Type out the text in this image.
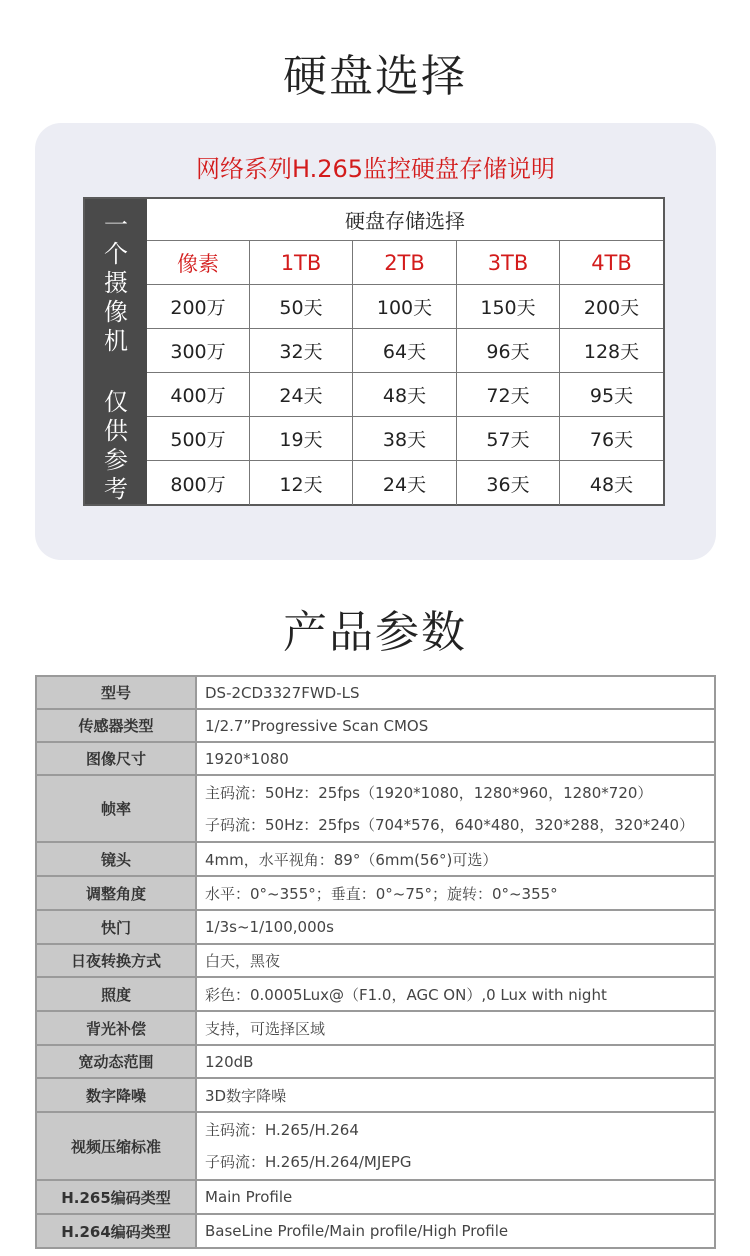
硬盘选择
网络系列H.265监控硬盘存储说明
一
个
摄
像
机
仅
供
参
考
硬盘存储选择
像素	1TB	2TB	3TB	4TB
200万	50天	100天	150天	200天
300万	32天	64天	96天	128天
400万	24天	48天	72天	95天
500万	19天	38天	57天	76天
800万	12天	24天	36天	48天
产品参数
型号	DS-2CD3327FWD-LS

传感器类型	1/2.7”Progressive Scan CMOS

图像尺寸	1920*1080

帧率	主码流：50Hz：25fps（1920*1080，1280*960，1280*720）
子码流：50Hz：25fps（704*576，640*480，320*288，320*240）

镜头	4mm，水平视角：89°（6mm(56°)可选）

调整角度	水平：0°~355°；垂直：0°~75°；旋转：0°~355°

快门	1/3s~1/100,000s

日夜转换方式	白天，黑夜

照度	彩色：0.0005Lux@（F1.0，AGC ON）,0 Lux with night

背光补偿	支持，可选择区域

宽动态范围	120dB

数字降噪	3D数字降噪

视频压缩标准	主码流：H.265/H.264
子码流：H.265/H.264/MJEPG

H.265编码类型	Main Profile

H.264编码类型	BaseLine Profile/Main profile/High Profile
